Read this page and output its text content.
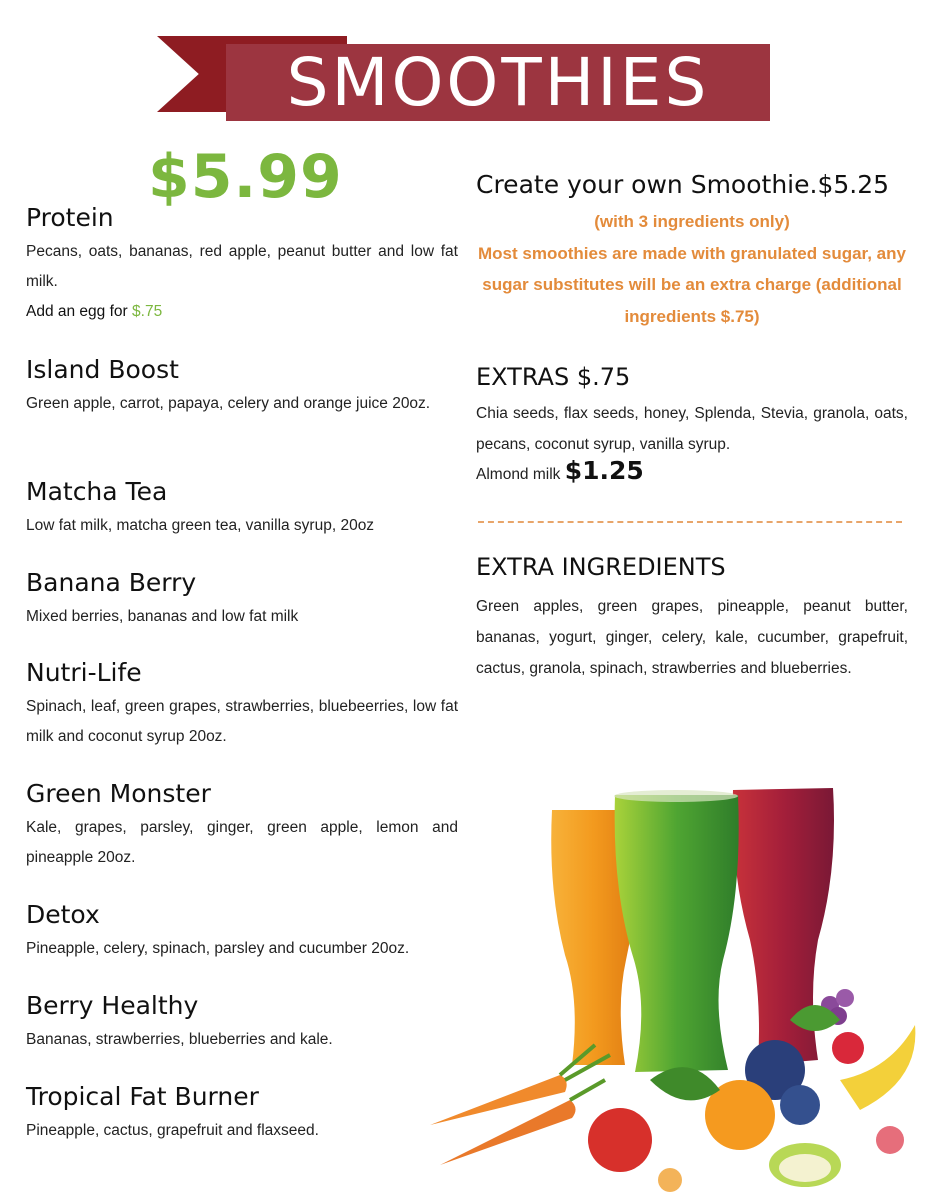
SMOOTHIES
$5.99
Protein
Pecans, oats, bananas, red apple, peanut butter and low fat milk.
Add an egg for $.75
Island Boost
Green apple, carrot, papaya, celery and orange juice 20oz.
Matcha Tea
Low fat milk, matcha green tea, vanilla syrup, 20oz
Banana Berry
Mixed berries, bananas and low fat milk
Nutri-Life
Spinach, leaf, green grapes, strawberries, bluebeerries, low fat milk and coconut syrup 20oz.
Green Monster
Kale, grapes, parsley, ginger, green apple, lemon and pineapple 20oz.
Detox
Pineapple, celery, spinach, parsley and cucumber 20oz.
Berry Healthy
Bananas, strawberries, blueberries and kale.
Tropical Fat Burner
Pineapple, cactus, grapefruit and flaxseed.
Create your own Smoothie.$5.25
(with 3 ingredients only)
Most smoothies are made with granulated sugar, any sugar substitutes will be an extra charge (additional ingredients $.75)
EXTRAS $.75
Chia seeds, flax seeds, honey, Splenda, Stevia, granola, oats, pecans, coconut syrup, vanilla syrup.
Almond milk $1.25
EXTRA INGREDIENTS
Green apples, green grapes, pineapple, peanut butter, bananas, yogurt, ginger, celery, kale, cucumber, grapefruit, cactus, granola, spinach, strawberries and blueberries.
